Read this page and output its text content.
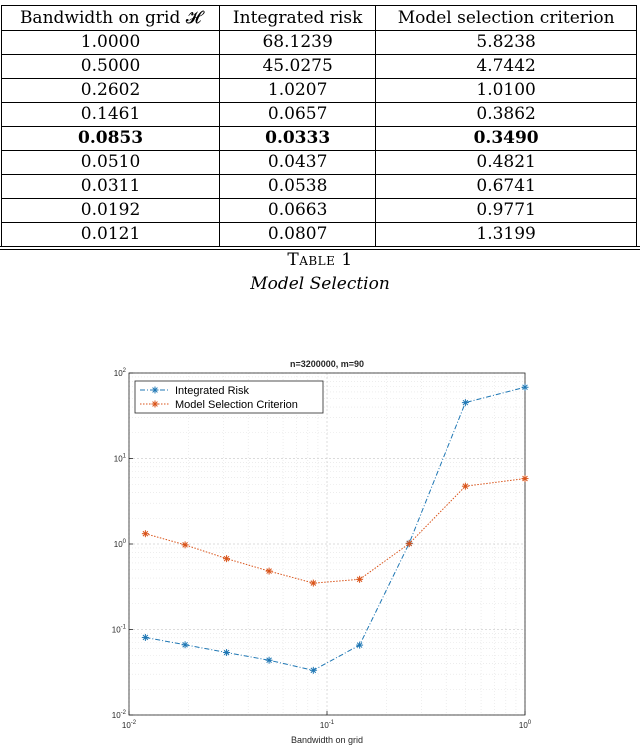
Bandwidth on grid 𝓗	Integrated risk	Model selection criterion
1.0000	68.1239	5.8238
0.5000	45.0275	4.7442
0.2602	1.0207	1.0100
0.1461	0.0657	0.3862
0.0853	0.0333	0.3490
0.0510	0.0437	0.4821
0.0311	0.0538	0.6741
0.0192	0.0663	0.9771
0.0121	0.0807	1.3199
Table 1
Model Selection
$10^{-2}$	$10^{-1}$	$10^0$
$10^{-2}$
$10^{-1}$
$10^0$
$10^1$
$10^2$
n=3200000, m=90
Bandwidth on grid
Integrated Risk
Model Selection Criterion
